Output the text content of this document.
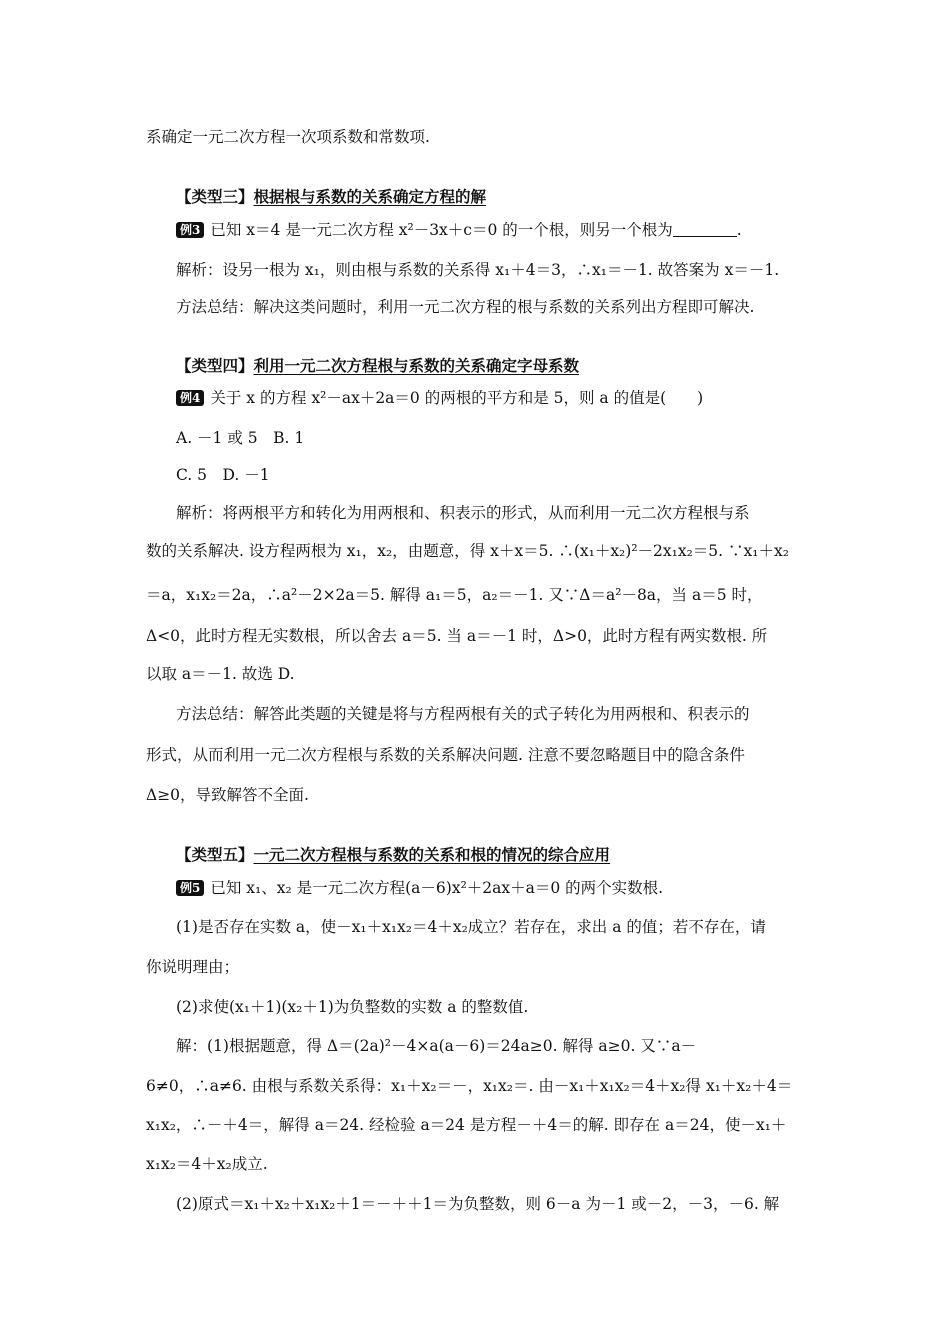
系确定一元二次方程一次项系数和常数项.
【类型三】根据根与系数的关系确定方程的解
例3 已知 x＝4 是一元二次方程 x²－3x＋c＝0 的一个根，则另一个根为	.
解析：设另一根为 x₁，则由根与系数的关系得 x₁＋4＝3，∴x₁＝－1. 故答案为 x＝－1.
方法总结：解决这类问题时，利用一元二次方程的根与系数的关系列出方程即可解决.
【类型四】利用一元二次方程根与系数的关系确定字母系数
例4 关于 x 的方程 x²－ax＋2a＝0 的两根的平方和是 5，则 a 的值是(　　)
A. －1 或 5　B. 1
C. 5　D. －1
解析：将两根平方和转化为用两根和、积表示的形式，从而利用一元二次方程根与系
数的关系解决. 设方程两根为 x₁，x₂，由题意，得 x＋x＝5. ∴(x₁＋x₂)²－2x₁x₂＝5. ∵x₁＋x₂
＝a，x₁x₂＝2a，∴a²－2×2a＝5. 解得 a₁＝5，a₂＝－1. 又∵Δ＝a²－8a，当 a＝5 时，
Δ<0，此时方程无实数根，所以舍去 a＝5. 当 a＝－1 时，Δ>0，此时方程有两实数根. 所
以取 a＝－1. 故选 D.
方法总结：解答此类题的关键是将与方程两根有关的式子转化为用两根和、积表示的
形式，从而利用一元二次方程根与系数的关系解决问题. 注意不要忽略题目中的隐含条件
Δ≥0，导致解答不全面.
【类型五】一元二次方程根与系数的关系和根的情况的综合应用
例5 已知 x₁、x₂ 是一元二次方程(a－6)x²＋2ax＋a＝0 的两个实数根.
(1)是否存在实数 a，使－x₁＋x₁x₂＝4＋x₂成立？若存在，求出 a 的值；若不存在，请
你说明理由；
(2)求使(x₁＋1)(x₂＋1)为负整数的实数 a 的整数值.
解：(1)根据题意，得 Δ＝(2a)²－4×a(a－6)＝24a≥0. 解得 a≥0. 又∵a－
6≠0，∴a≠6. 由根与系数关系得：x₁＋x₂＝－，x₁x₂＝. 由－x₁＋x₁x₂＝4＋x₂得 x₁＋x₂＋4＝
x₁x₂，∴－＋4＝，解得 a＝24. 经检验 a＝24 是方程－＋4＝的解. 即存在 a＝24，使－x₁＋
x₁x₂＝4＋x₂成立.
(2)原式＝x₁＋x₂＋x₁x₂＋1＝－＋＋1＝为负整数，则 6－a 为－1 或－2，－3，－6. 解
